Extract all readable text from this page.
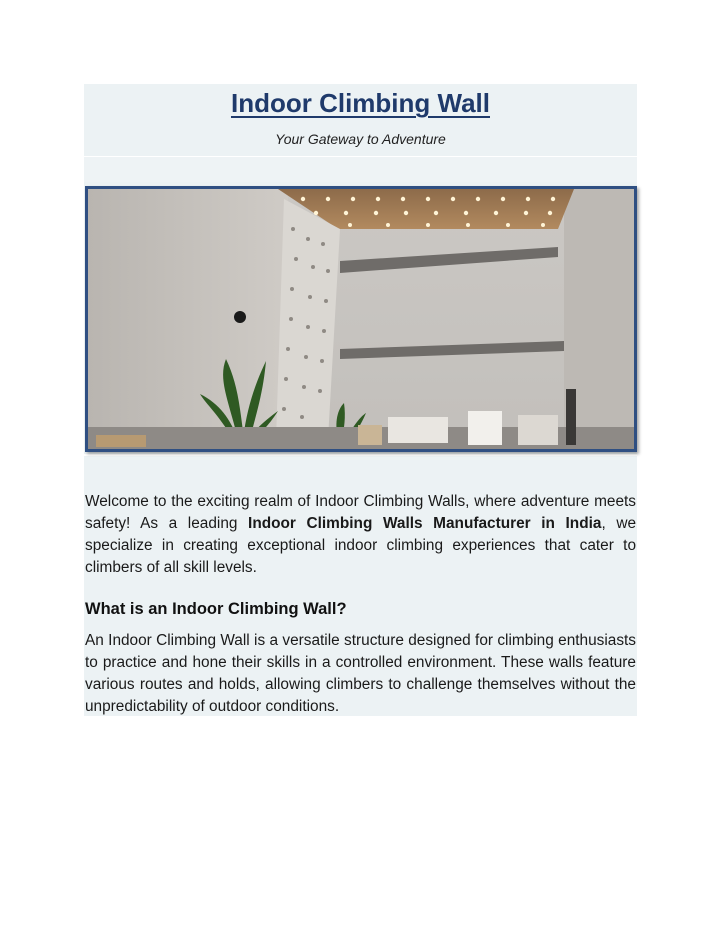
Indoor Climbing Wall

Your Gateway to Adventure

Welcome to the exciting realm of Indoor Climbing Walls, where adventure meets safety! As a leading Indoor Climbing Walls Manufacturer in India, we specialize in creating exceptional indoor climbing experiences that cater to climbers of all skill levels.

What is an Indoor Climbing Wall?

An Indoor Climbing Wall is a versatile structure designed for climbing enthusiasts to practice and hone their skills in a controlled environment. These walls feature various routes and holds, allowing climbers to challenge themselves without the unpredictability of outdoor conditions.
